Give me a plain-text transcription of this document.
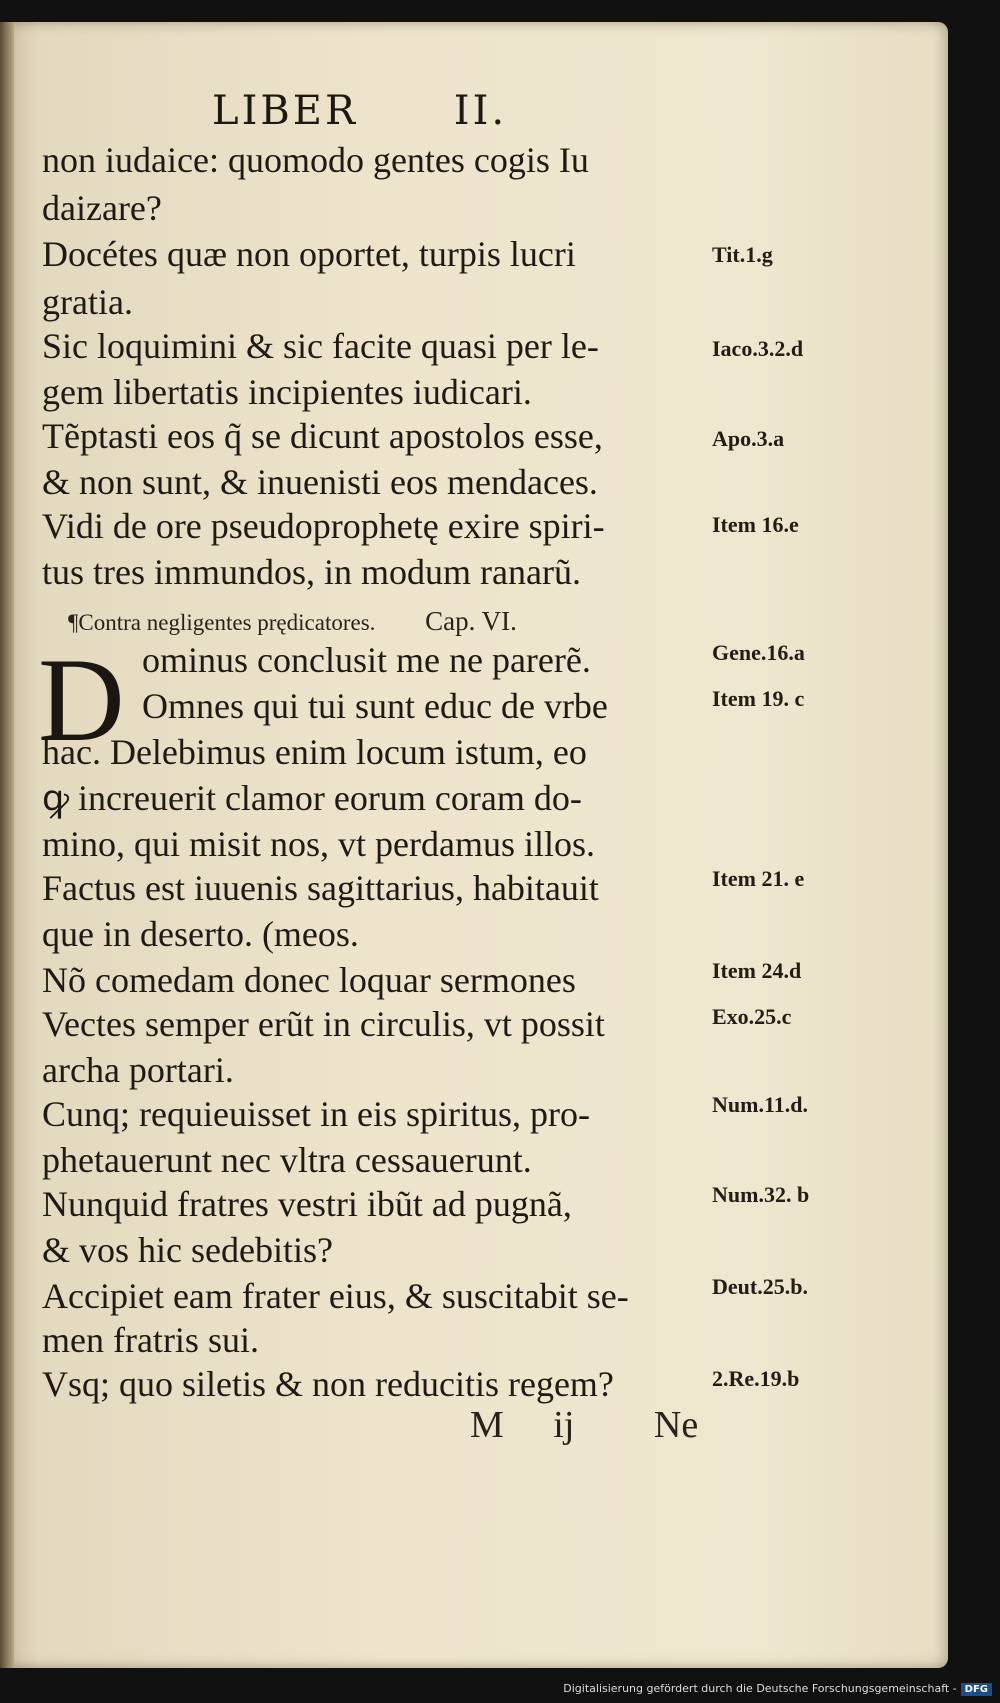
LIBER II.
non iudaice: quomodo gentes cogis Iu
daizare?
Docétes quæ non oportet, turpis lucri
gratia.
Sic loquimini & sic facite quasi per le-
gem libertatis incipientes iudicari.
Tẽptasti eos q̃ se dicunt apostolos esse,
& non sunt, & inuenisti eos mendaces.
Vidi de ore pseudoprophetę exire spiri-
tus tres immundos, in modum ranarũ.
ominus conclusit me ne parerẽ.
Omnes qui tui sunt educ de vrbe
hac. Delebimus enim locum istum, eo
ꝙ increuerit clamor eorum coram do-
mino, qui misit nos, vt perdamus illos.
Factus est iuuenis sagittarius, habitauit
que in deserto. (meos.
Nõ comedam donec loquar sermones
Vectes semper erũt in circulis, vt possit
archa portari.
Cunq; requieuisset in eis spiritus, pro-
phetauerunt nec vltra cessauerunt.
Nunquid fratres vestri ibũt ad pugnã,
& vos hic sedebitis?
Accipiet eam frater eius, & suscitabit se-
men fratris sui.
Vsq; quo siletis & non reducitis regem?
Tit.1.g
Iaco.3.2.d
Apo.3.a
Item 16.e
Gene.16.a
Item 19. c
Item 21. e
Item 24.d
Exo.25.c
Num.11.d.
Num.32. b
Deut.25.b.
2.Re.19.b
¶Contra negligentes prędicatores. Cap. VI.
D
M ij Ne
Digitalisierung gefördert durch die Deutsche Forschungsgemeinschaft - DFG
